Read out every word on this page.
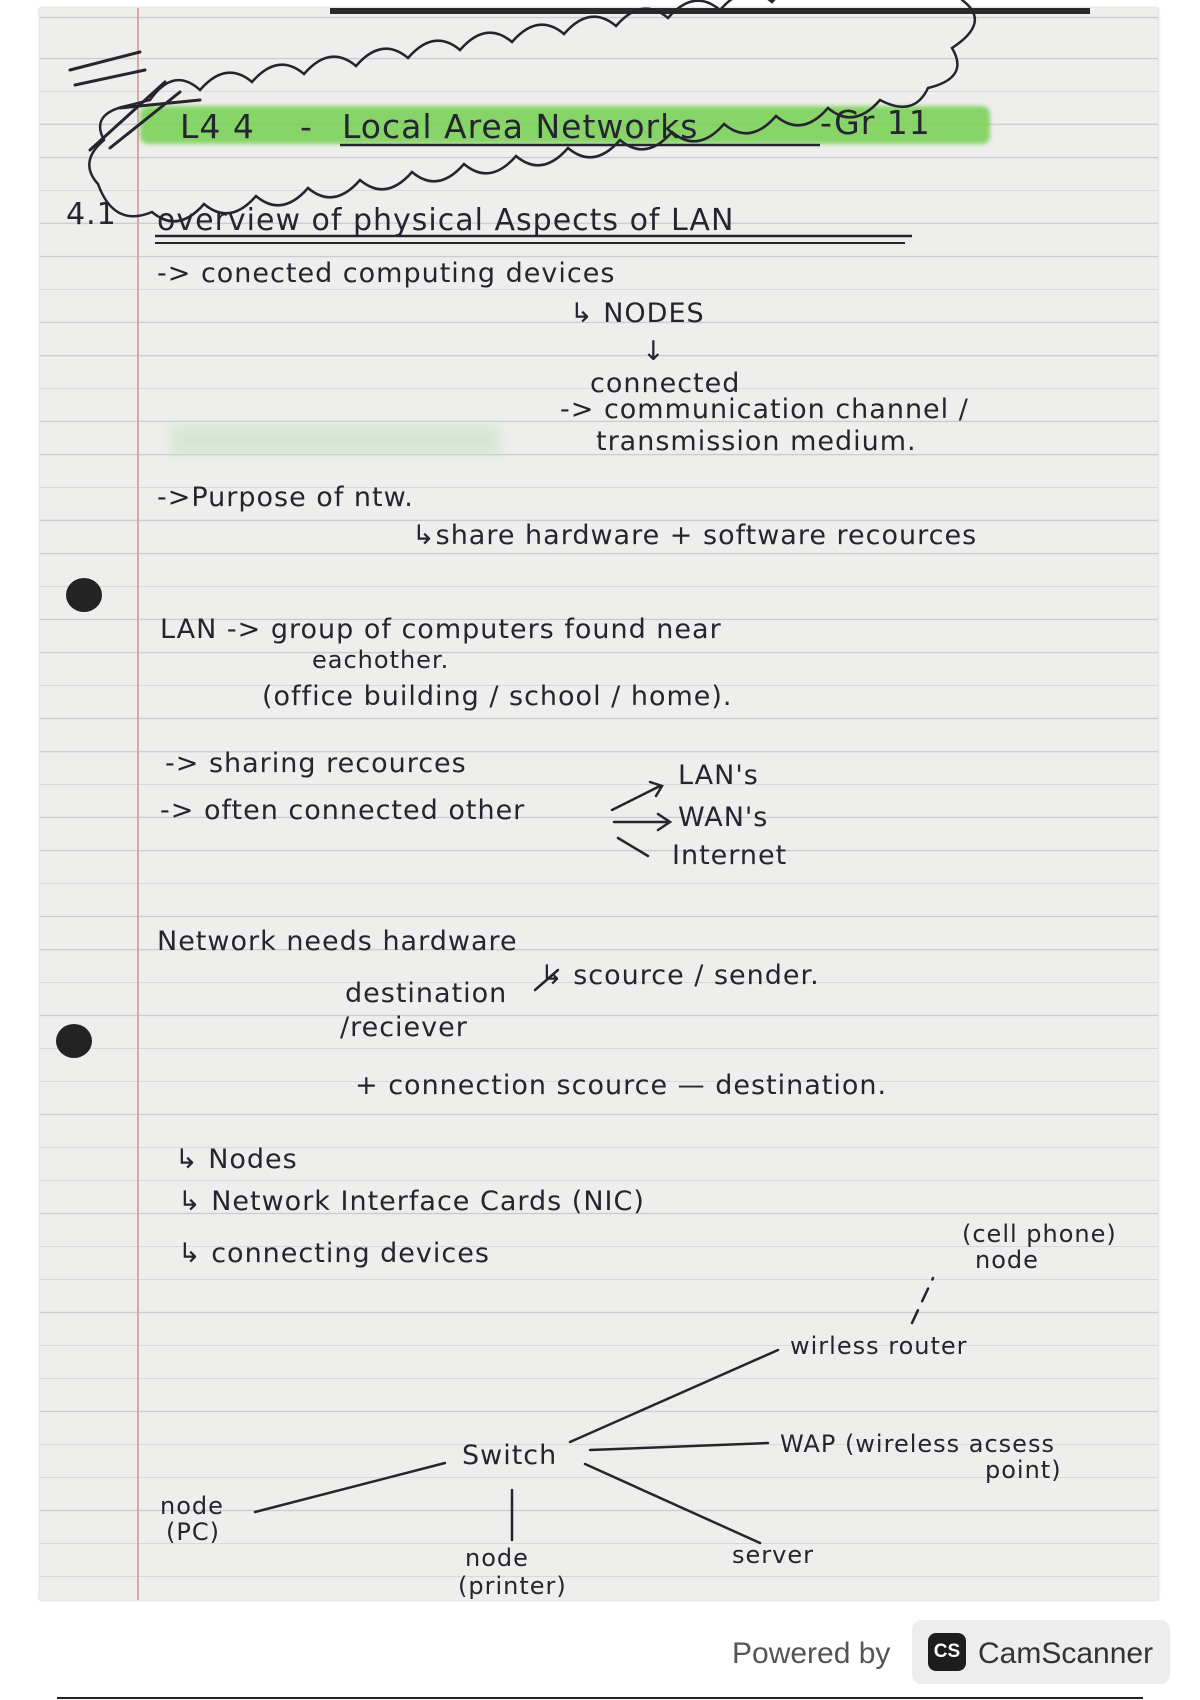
L4 4 - Local Area Networks	-Gr 11
4.1 overview of physical Aspects of LAN
-> conected computing devices
↳ NODES
↓
connected
-> communication channel /
transmission medium.
->Purpose of ntw.
↳share hardware + software recources
LAN -> group of computers found near
eachother.
(office building / school / home).
-> sharing recources
-> often connected other
LAN's
WAN's
Internet
Network needs hardware
↳ scource / sender.
destination
/reciever
+ connection scource — destination.
↳ Nodes
↳ Network Interface Cards (NIC)
↳ connecting devices
Switch
node
(PC)
node
(printer)
server
WAP (wireless acsess
point)
wirless router
(cell phone)
node
Powered by	CS CamScanner
